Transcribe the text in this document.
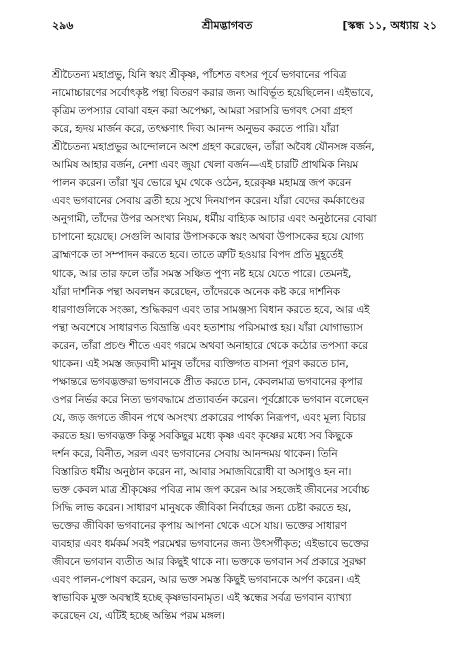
২৯৬	শ্রীমদ্ভাগবত	[স্কন্ধ ১১, অধ্যায় ২১
শ্রীচৈতন্য মহাপ্রভু, যিনি স্বয়ং শ্রীকৃষ্ণ, পাঁচশত বৎসর পূর্বে ভগবানের পবিত্র
নামোচ্চারণের সর্বোৎকৃষ্ট পন্থা বিতরণ করার জন্য আবির্ভূত হয়েছিলেন। এইভাবে,
কৃত্রিম তপস্যার বোঝা বহন করা অপেক্ষা, আমরা সরাসরি ভগবৎ সেবা গ্রহণ
করে, হৃদয় মার্জন করে, তৎক্ষণাৎ দিব্য আনন্দ অনুভব করতে পারি। যাঁরা
শ্রীচৈতন্য মহাপ্রভুর আন্দোলনে অংশ গ্রহণ করেছেন, তাঁরা অবৈধ যৌনসঙ্গ বর্জন,
আমিষ আহার বর্জন, নেশা এবং জুয়া খেলা বর্জন—এই চারটি প্রাথমিক নিয়ম
পালন করেন। তাঁরা খুব ভোরে ঘুম থেকে ওঠেন, হরেকৃষ্ণ মহামন্ত্র জপ করেন
এবং ভগবানের সেবায় ব্রতী হয়ে সুখে দিনযাপন করেন। যাঁরা বেদের কর্মকাণ্ডের
অনুগামী, তাঁদের উপর অসংখ্য নিয়ম, ধর্মীয় বাহ্যিক আচার এবং অনুষ্ঠানের বোঝা
চাপানো হয়েছে। সেগুলি আবার উপাসককে স্বয়ং অথবা উপাসকের হয়ে যোগ্য
ব্রাহ্মণকে তা সম্পাদন করতে হবে। তাতে ত্রুটি হওয়ার বিপদ প্রতি মুহূর্তেই
থাকে, আর তার ফলে তাঁর সমস্ত সঞ্চিত পুণ্য নষ্ট হয়ে যেতে পারে। তেমনই,
যাঁরা দার্শনিক পন্থা অবলম্বন করেছেন, তাঁদেরকে অনেক কষ্ট করে দার্শনিক
ধারণাগুলিকে সংজ্ঞা, শুদ্ধিকরণ এবং তার সামঞ্জস্য বিধান করতে হবে, আর এই
পন্থা অবশেষে সাধারণত বিভ্রান্তি এবং হতাশায় পরিসমাপ্ত হয়। যাঁরা যোগাভ্যাস
করেন, তাঁরা প্রচণ্ড শীতে এবং গরমে অথবা অনাহারে থেকে কঠোর তপস্যা করে
থাকেন। এই সমস্ত জড়বাদী মানুষ তাঁদের ব্যক্তিগত বাসনা পূরণ করতে চান,
পক্ষান্তরে ভগবদ্ভক্তরা ভগবানকে প্রীত করতে চান, কেবলমাত্র ভগবানের কৃপার
ওপর নির্ভর করে নিত্য ভগবদ্ধামে প্রত্যাবর্তন করেন। পূর্বশ্লোকে ভগবান বলেছেন
যে, জড় জগতে জীবন পথে অসংখ্য প্রকারের পার্থক্য নিরূপণ, এবং মূল্য বিচার
করতে হয়। ভগবদ্ভক্ত কিন্তু সবকিছুর মধ্যে কৃষ্ণ এবং কৃষ্ণের মধ্যে সব কিছুকে
দর্শন করে, বিনীত, সরল এবং ভগবানের সেবায় আনন্দময় থাকেন। তিনি
বিস্তারিত ধর্মীয় অনুষ্ঠান করেন না, আবার সমাজবিরোধী বা অসাধুও হন না।
ভক্ত কেবল মাত্র শ্রীকৃষ্ণের পবিত্র নাম জপ করেন আর সহজেই জীবনের সর্বোচ্চ
সিদ্ধি লাভ করেন। সাধারণ মানুষকে জীবিকা নির্বাহের জন্য চেষ্টা করতে হয়,
ভক্তের জীবিকা ভগবানের কৃপায় আপনা থেকে এসে যায়। ভক্তের সাধারণ
ব্যবহার এবং ধর্মকর্ম সবই পরমেশ্বর ভগবানের জন্য উৎসর্গীকৃত; এইভাবে ভক্তের
জীবনে ভগবান ব্যতীত আর কিছুই থাকে না। ভক্তকে ভগবান সর্ব প্রকারে সুরক্ষা
এবং পালন-পোষণ করেন, আর ভক্ত সমস্ত কিছুই ভগবানকে অর্পণ করেন। এই
স্বাভাবিক মুক্ত অবস্থাই হচ্ছে কৃষ্ণভাবনামৃত। এই স্কন্ধের সর্বত্র ভগবান ব্যাখ্যা
করেছেন যে, এটিই হচ্ছে অন্তিম পরম মঙ্গল।
